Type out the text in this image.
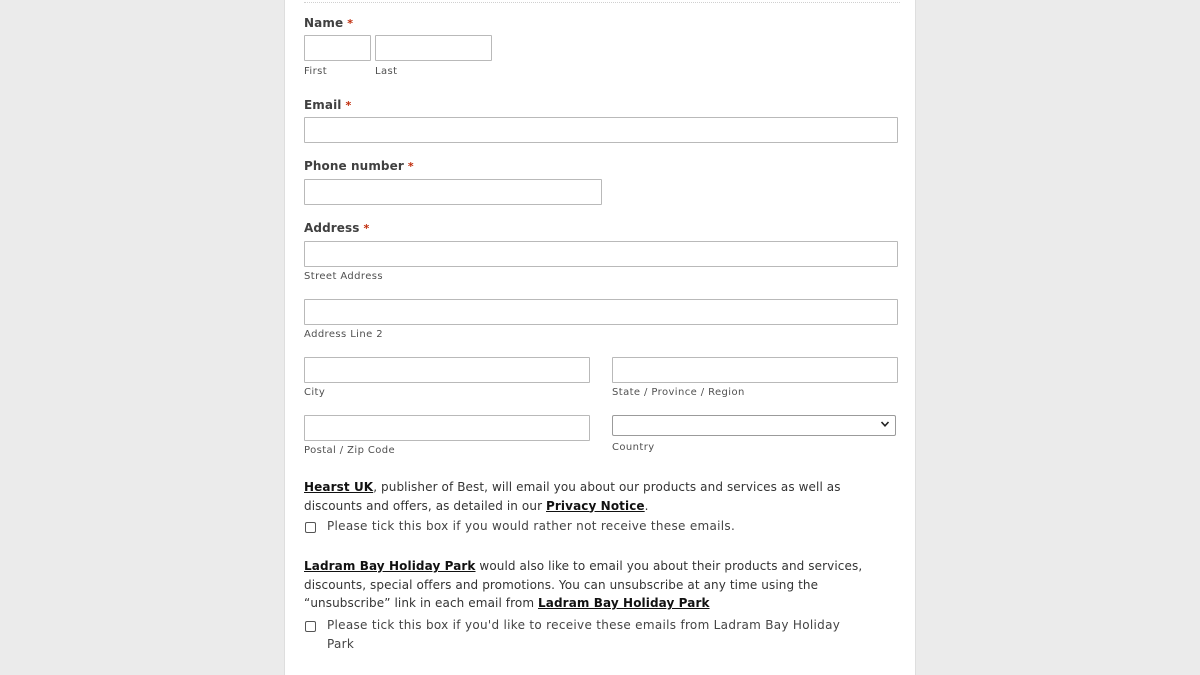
Name *
First	Last
Email *
Phone number *
Address *
Street Address
Address Line 2
City	State / Province / Region
Postal / Zip Code	Country
Hearst UK, publisher of Best, will email you about our products and services as well as discounts and offers, as detailed in our Privacy Notice.
Please tick this box if you would rather not receive these emails.
Ladram Bay Holiday Park would also like to email you about their products and services, discounts, special offers and promotions. You can unsubscribe at any time using the “unsubscribe” link in each email from Ladram Bay Holiday Park
Please tick this box if you'd like to receive these emails from Ladram Bay Holiday Park
